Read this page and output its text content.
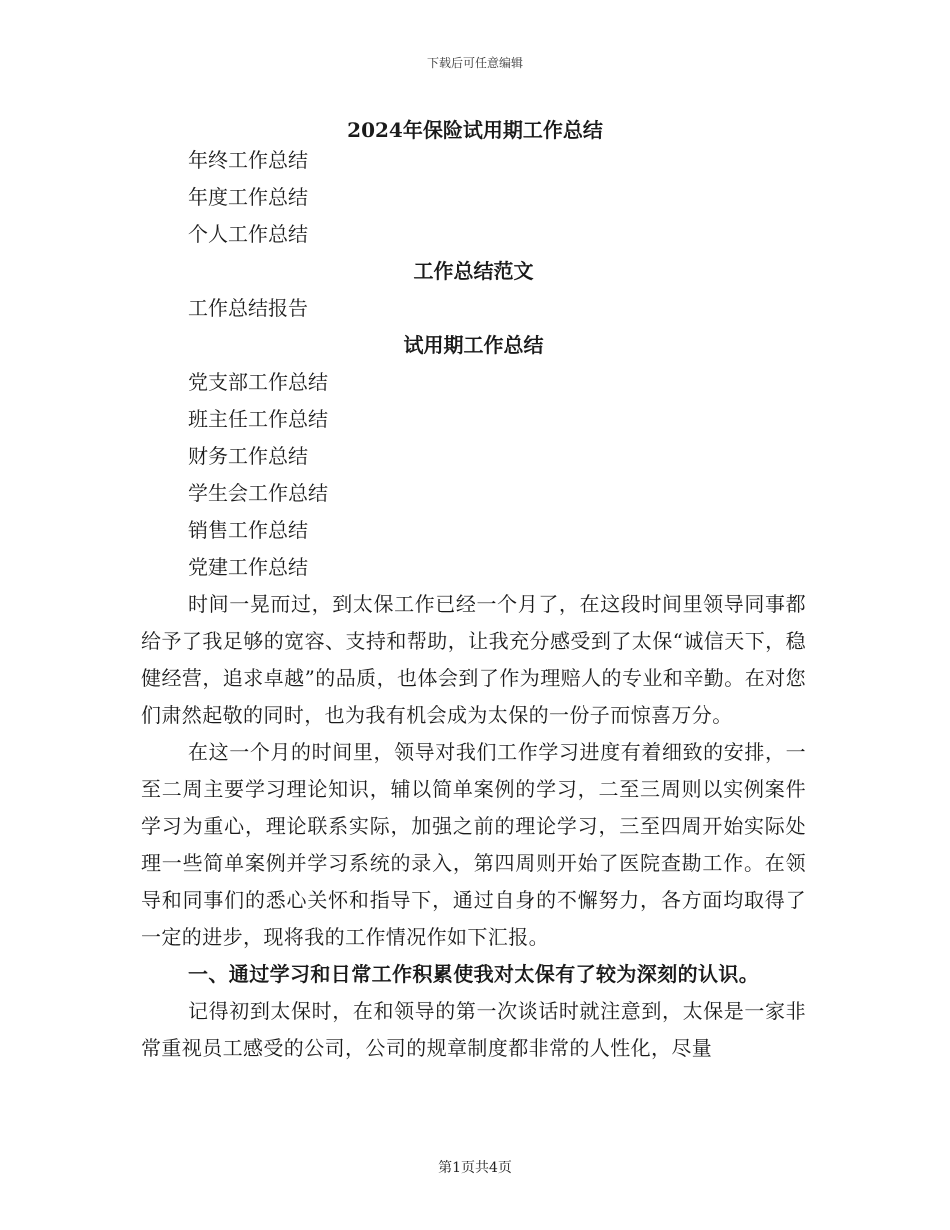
下载后可任意编辑
2024年保险试用期工作总结
年终工作总结
年度工作总结
个人工作总结
工作总结范文
工作总结报告
试用期工作总结
党支部工作总结
班主任工作总结
财务工作总结
学生会工作总结
销售工作总结
党建工作总结
时间一晃而过，到太保工作已经一个月了，在这段时间里领导同事都给予了我足够的宽容、支持和帮助，让我充分感受到了太保“诚信天下，稳健经营，追求卓越”的品质，也体会到了作为理赔人的专业和辛勤。在对您们肃然起敬的同时，也为我有机会成为太保的一份子而惊喜万分。
在这一个月的时间里，领导对我们工作学习进度有着细致的安排，一至二周主要学习理论知识，辅以简单案例的学习，二至三周则以实例案件学习为重心，理论联系实际，加强之前的理论学习，三至四周开始实际处理一些简单案例并学习系统的录入，第四周则开始了医院查勘工作。在领导和同事们的悉心关怀和指导下，通过自身的不懈努力，各方面均取得了一定的进步，现将我的工作情况作如下汇报。
一、通过学习和日常工作积累使我对太保有了较为深刻的认识。
记得初到太保时，在和领导的第一次谈话时就注意到，太保是一家非常重视员工感受的公司，公司的规章制度都非常的人性化，尽量
第1页共4页
